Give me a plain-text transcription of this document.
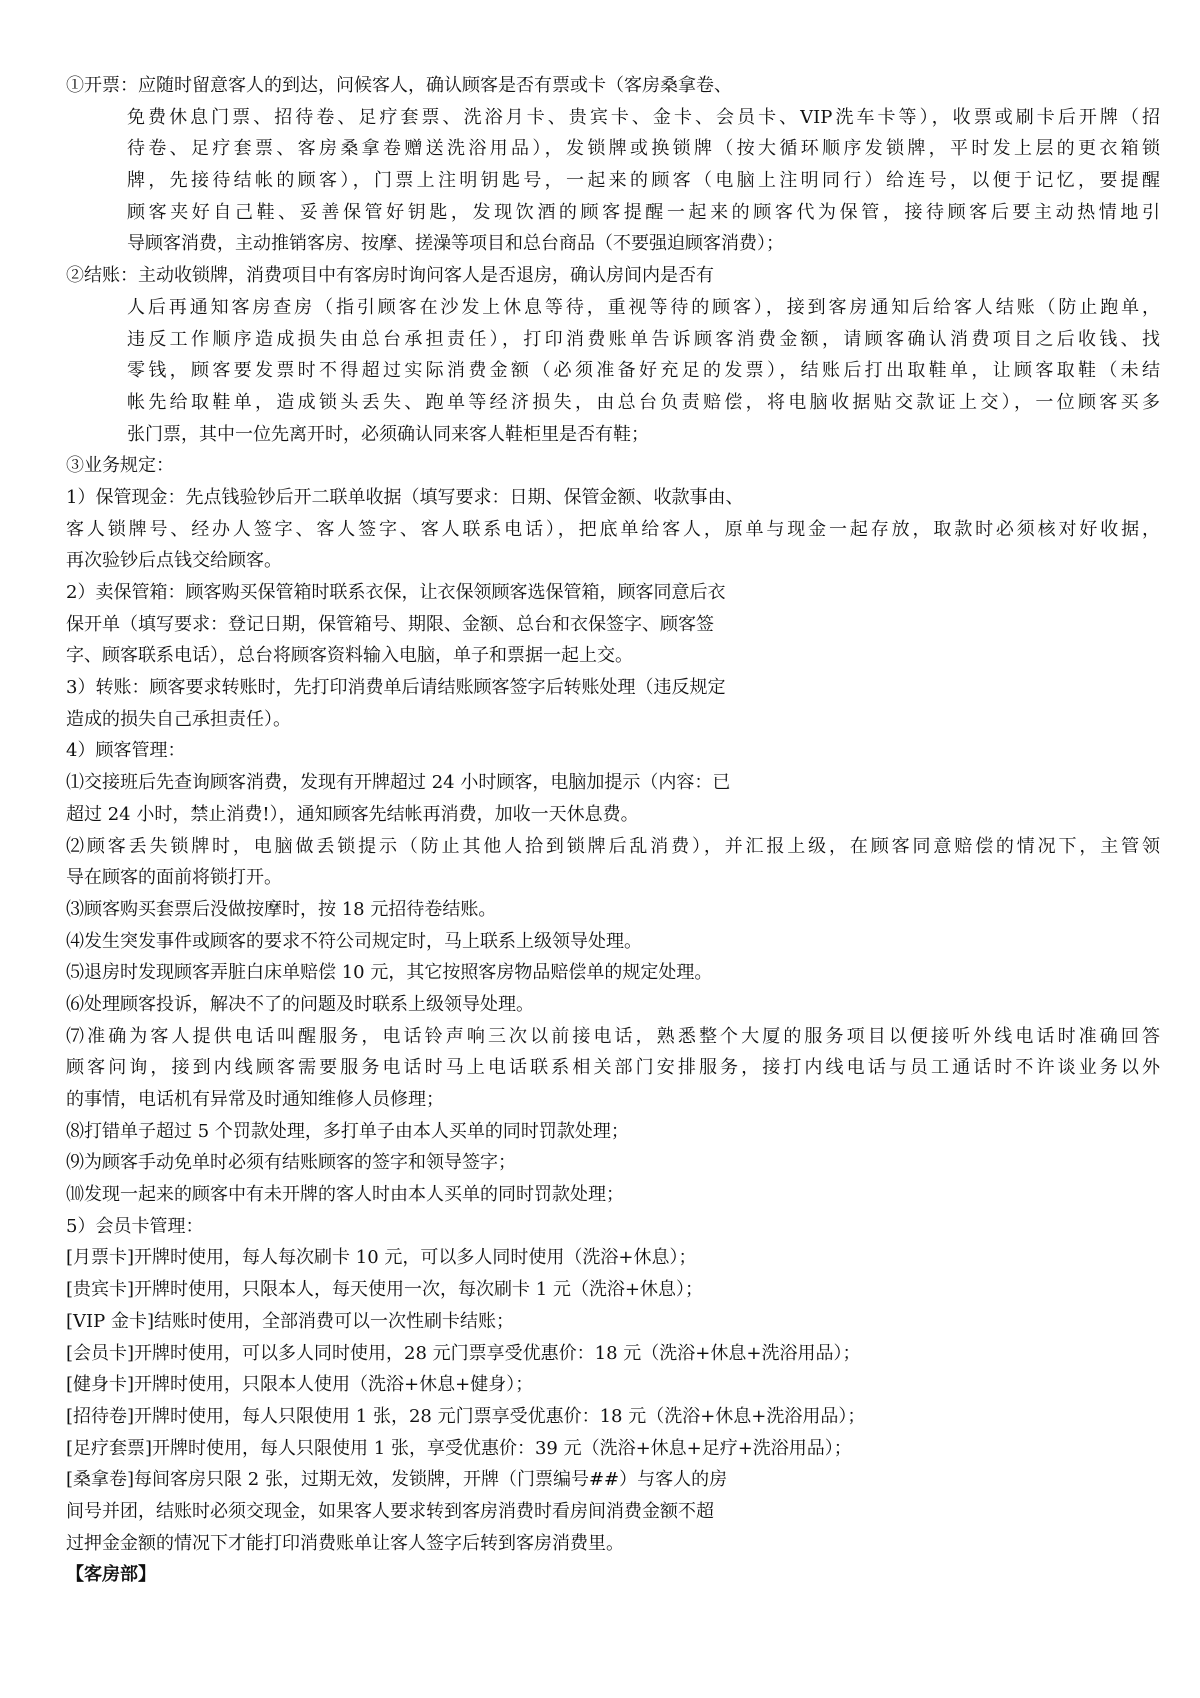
①开票：应随时留意客人的到达，问候客人，确认顾客是否有票或卡（客房桑拿卷、
免费休息门票、招待卷、足疗套票、洗浴月卡、贵宾卡、金卡、会员卡、VIP洗车卡等），收票或刷卡后开牌（招
待卷、足疗套票、客房桑拿卷赠送洗浴用品），发锁牌或换锁牌（按大循环顺序发锁牌，平时发上层的更衣箱锁
牌，先接待结帐的顾客），门票上注明钥匙号，一起来的顾客（电脑上注明同行）给连号，以便于记忆，要提醒
顾客夹好自己鞋、妥善保管好钥匙，发现饮酒的顾客提醒一起来的顾客代为保管，接待顾客后要主动热情地引
导顾客消费，主动推销客房、按摩、搓澡等项目和总台商品（不要强迫顾客消费）；
②结账：主动收锁牌，消费项目中有客房时询问客人是否退房，确认房间内是否有
人后再通知客房查房（指引顾客在沙发上休息等待，重视等待的顾客），接到客房通知后给客人结账（防止跑单，
违反工作顺序造成损失由总台承担责任），打印消费账单告诉顾客消费金额，请顾客确认消费项目之后收钱、找
零钱，顾客要发票时不得超过实际消费金额（必须准备好充足的发票），结账后打出取鞋单，让顾客取鞋（未结
帐先给取鞋单，造成锁头丢失、跑单等经济损失，由总台负责赔偿，将电脑收据贴交款证上交），一位顾客买多
张门票，其中一位先离开时，必须确认同来客人鞋柜里是否有鞋；
③业务规定：
1）保管现金：先点钱验钞后开二联单收据（填写要求：日期、保管金额、收款事由、
客人锁牌号、经办人签字、客人签字、客人联系电话），把底单给客人，原单与现金一起存放，取款时必须核对好收据，
再次验钞后点钱交给顾客。
2）卖保管箱：顾客购买保管箱时联系衣保，让衣保领顾客选保管箱，顾客同意后衣
保开单（填写要求：登记日期，保管箱号、期限、金额、总台和衣保签字、顾客签
字、顾客联系电话），总台将顾客资料输入电脑，单子和票据一起上交。
3）转账：顾客要求转账时，先打印消费单后请结账顾客签字后转账处理（违反规定
造成的损失自己承担责任）。
4）顾客管理：
⑴交接班后先查询顾客消费，发现有开牌超过 24 小时顾客，电脑加提示（内容：已
超过 24 小时，禁止消费!），通知顾客先结帐再消费，加收一天休息费。
⑵顾客丢失锁牌时，电脑做丢锁提示（防止其他人拾到锁牌后乱消费），并汇报上级，在顾客同意赔偿的情况下，主管领
导在顾客的面前将锁打开。
⑶顾客购买套票后没做按摩时，按 18 元招待卷结账。
⑷发生突发事件或顾客的要求不符公司规定时，马上联系上级领导处理。
⑸退房时发现顾客弄脏白床单赔偿 10 元，其它按照客房物品赔偿单的规定处理。
⑹处理顾客投诉，解决不了的问题及时联系上级领导处理。
⑺准确为客人提供电话叫醒服务，电话铃声响三次以前接电话，熟悉整个大厦的服务项目以便接听外线电话时准确回答
顾客问询，接到内线顾客需要服务电话时马上电话联系相关部门安排服务，接打内线电话与员工通话时不许谈业务以外
的事情，电话机有异常及时通知维修人员修理；
⑻打错单子超过 5 个罚款处理，多打单子由本人买单的同时罚款处理；
⑼为顾客手动免单时必须有结账顾客的签字和领导签字；
⑽发现一起来的顾客中有未开牌的客人时由本人买单的同时罚款处理；
5）会员卡管理：
[月票卡]开牌时使用，每人每次刷卡 10 元，可以多人同时使用（洗浴+休息）；
[贵宾卡]开牌时使用，只限本人，每天使用一次，每次刷卡 1 元（洗浴+休息）；
[VIP 金卡]结账时使用，全部消费可以一次性刷卡结账；
[会员卡]开牌时使用，可以多人同时使用，28 元门票享受优惠价：18 元（洗浴+休息+洗浴用品）；
[健身卡]开牌时使用，只限本人使用（洗浴+休息+健身）；
[招待卷]开牌时使用，每人只限使用 1 张，28 元门票享受优惠价：18 元（洗浴+休息+洗浴用品）；
[足疗套票]开牌时使用，每人只限使用 1 张，享受优惠价：39 元（洗浴+休息+足疗+洗浴用品）；
[桑拿卷]每间客房只限 2 张，过期无效，发锁牌，开牌（门票编号##）与客人的房
间号并团，结账时必须交现金，如果客人要求转到客房消费时看房间消费金额不超
过押金金额的情况下才能打印消费账单让客人签字后转到客房消费里。
【客房部】
